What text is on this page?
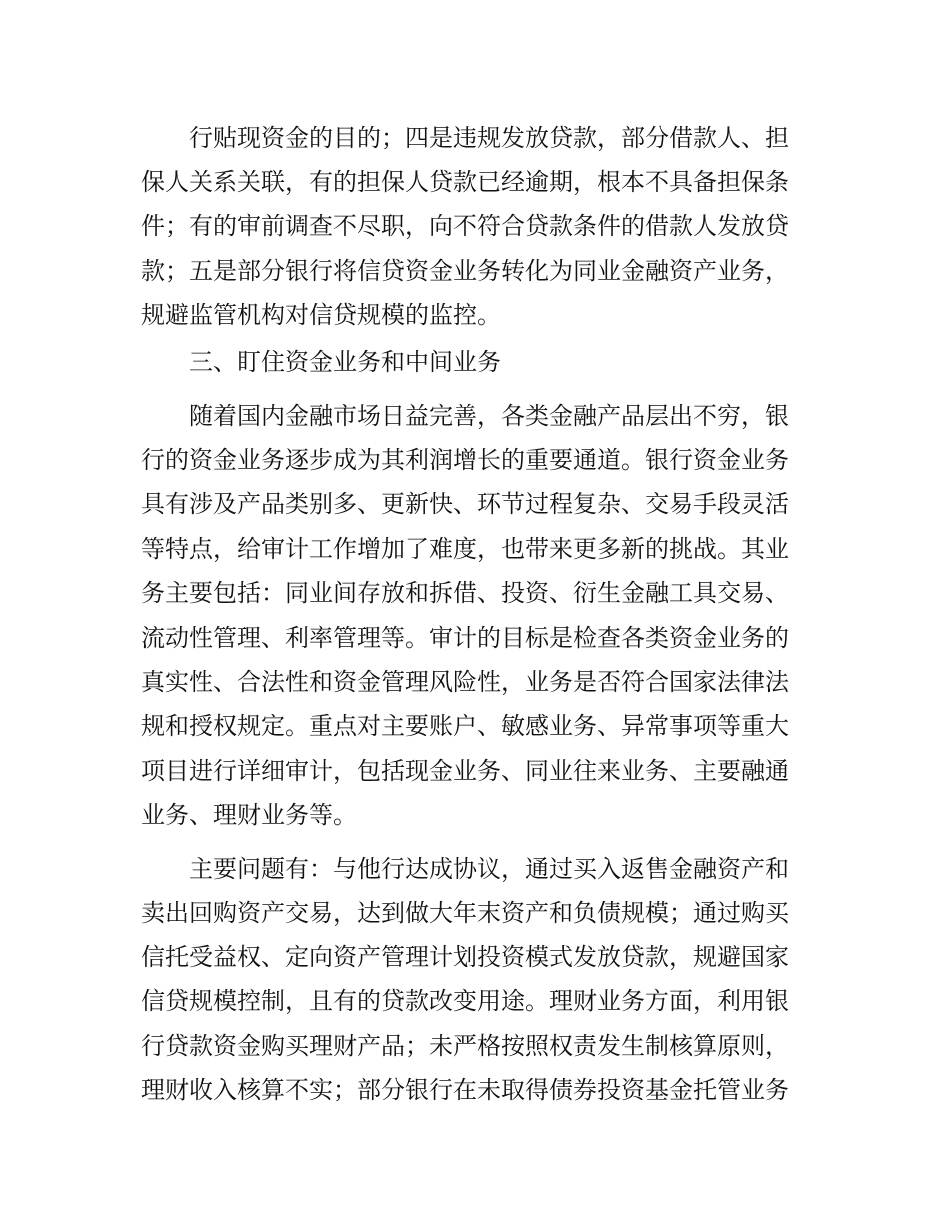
行贴现资金的目的；四是违规发放贷款，部分借款人、担
保人关系关联，有的担保人贷款已经逾期，根本不具备担保条
件；有的审前调查不尽职，向不符合贷款条件的借款人发放贷
款；五是部分银行将信贷资金业务转化为同业金融资产业务，
规避监管机构对信贷规模的监控。
三、盯住资金业务和中间业务
随着国内金融市场日益完善，各类金融产品层出不穷，银
行的资金业务逐步成为其利润增长的重要通道。银行资金业务
具有涉及产品类别多、更新快、环节过程复杂、交易手段灵活
等特点，给审计工作增加了难度，也带来更多新的挑战。其业
务主要包括：同业间存放和拆借、投资、衍生金融工具交易、
流动性管理、利率管理等。审计的目标是检查各类资金业务的
真实性、合法性和资金管理风险性，业务是否符合国家法律法
规和授权规定。重点对主要账户、敏感业务、异常事项等重大
项目进行详细审计，包括现金业务、同业往来业务、主要融通
业务、理财业务等。
主要问题有：与他行达成协议，通过买入返售金融资产和
卖出回购资产交易，达到做大年末资产和负债规模；通过购买
信托受益权、定向资产管理计划投资模式发放贷款，规避国家
信贷规模控制，且有的贷款改变用途。理财业务方面，利用银
行贷款资金购买理财产品；未严格按照权责发生制核算原则，
理财收入核算不实；部分银行在未取得债券投资基金托管业务
